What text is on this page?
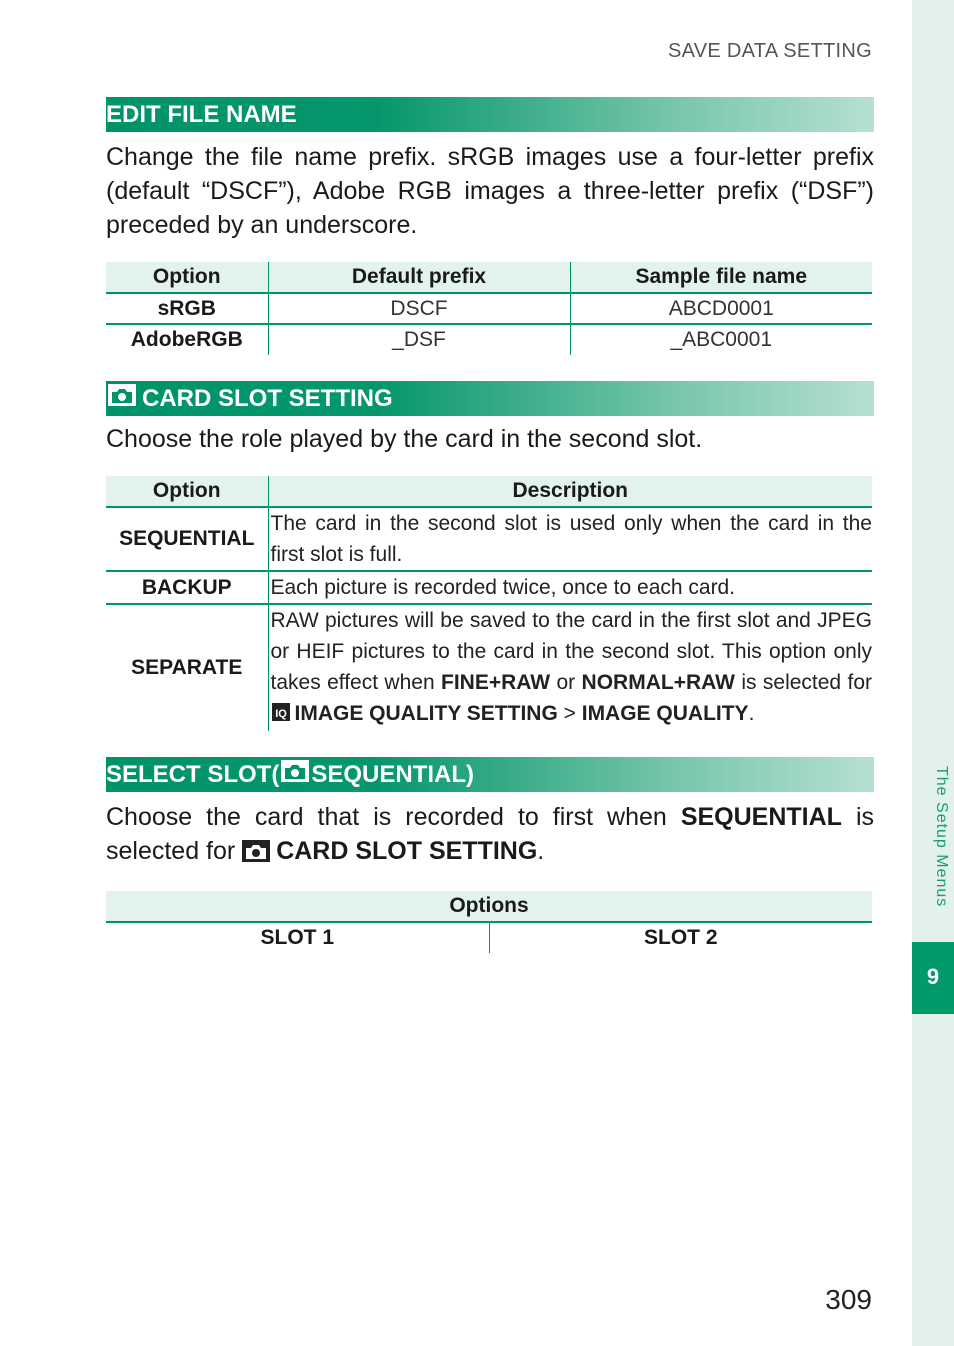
SAVE DATA SETTING
The Setup Menus
9
EDIT FILE NAME

Change the file name prefix. sRGB images use a four-letter prefix (default “DSCF”), Adobe RGB images a three-letter prefix (“DSF”) preceded by an underscore.

Option	Default prefix	Sample file name
sRGB	DSCF	ABCD0001
AdobeRGB	_DSF	_ABC0001
CARD SLOT SETTING

Choose the role played by the card in the second slot.

Option	Description
SEQUENTIAL	The card in the second slot is used only when the card in the first slot is full.
BACKUP	Each picture is recorded twice, once to each card.
SEPARATE	RAW pictures will be saved to the card in the first slot and JPEG or HEIF pictures to the card in the second slot. This option only takes effect when FINE+RAW or NORMAL+RAW is selected for
IQ IMAGE QUALITY SETTING > IMAGE QUALITY.
SELECT SLOT( SEQUENTIAL)

Choose the card that is recorded to first when SEQUENTIAL is selected for CARD SLOT SETTING.

Options
SLOT 1	SLOT 2
309
